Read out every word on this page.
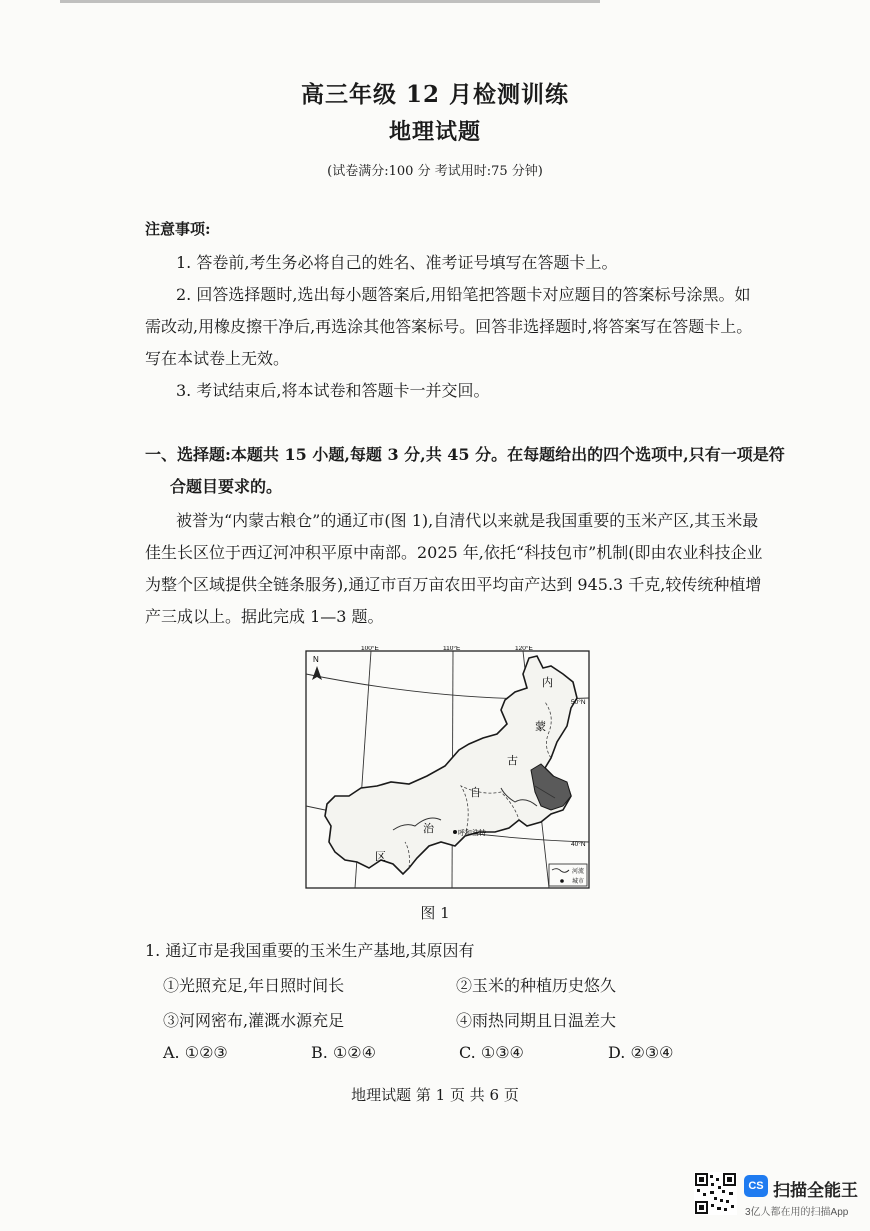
高三年级 12 月检测训练
地理试题
(试卷满分:100 分 考试用时:75 分钟)
注意事项:
1. 答卷前,考生务必将自己的姓名、准考证号填写在答题卡上。
2. 回答选择题时,选出每小题答案后,用铅笔把答题卡对应题目的答案标号涂黑。如
需改动,用橡皮擦干净后,再选涂其他答案标号。回答非选择题时,将答案写在答题卡上。
写在本试卷上无效。
3. 考试结束后,将本试卷和答题卡一并交回。
一、选择题:本题共 15 小题,每题 3 分,共 45 分。在每题给出的四个选项中,只有一项是符
合题目要求的。
被誉为“内蒙古粮仓”的通辽市(图 1),自清代以来就是我国重要的玉米产区,其玉米最
佳生长区位于西辽河冲积平原中南部。2025 年,依托“科技包市”机制(即由农业科技企业
为整个区域提供全链条服务),通辽市百万亩农田平均亩产达到 945.3 千克,较传统种植增
产三成以上。据此完成 1—3 题。
N
100°E	110°E	120°E
50°N
40°N
内
蒙
古
自
治
区
呼和浩特
河流
城市
图 1
1. 通辽市是我国重要的玉米生产基地,其原因有
①光照充足,年日照时间长	②玉米的种植历史悠久
③河网密布,灌溉水源充足	④雨热同期且日温差大
A. ①②③	B. ①②④	C. ①③④	D. ②③④
地理试题 第 1 页 共 6 页
CS 扫描全能王
3亿人都在用的扫描App
